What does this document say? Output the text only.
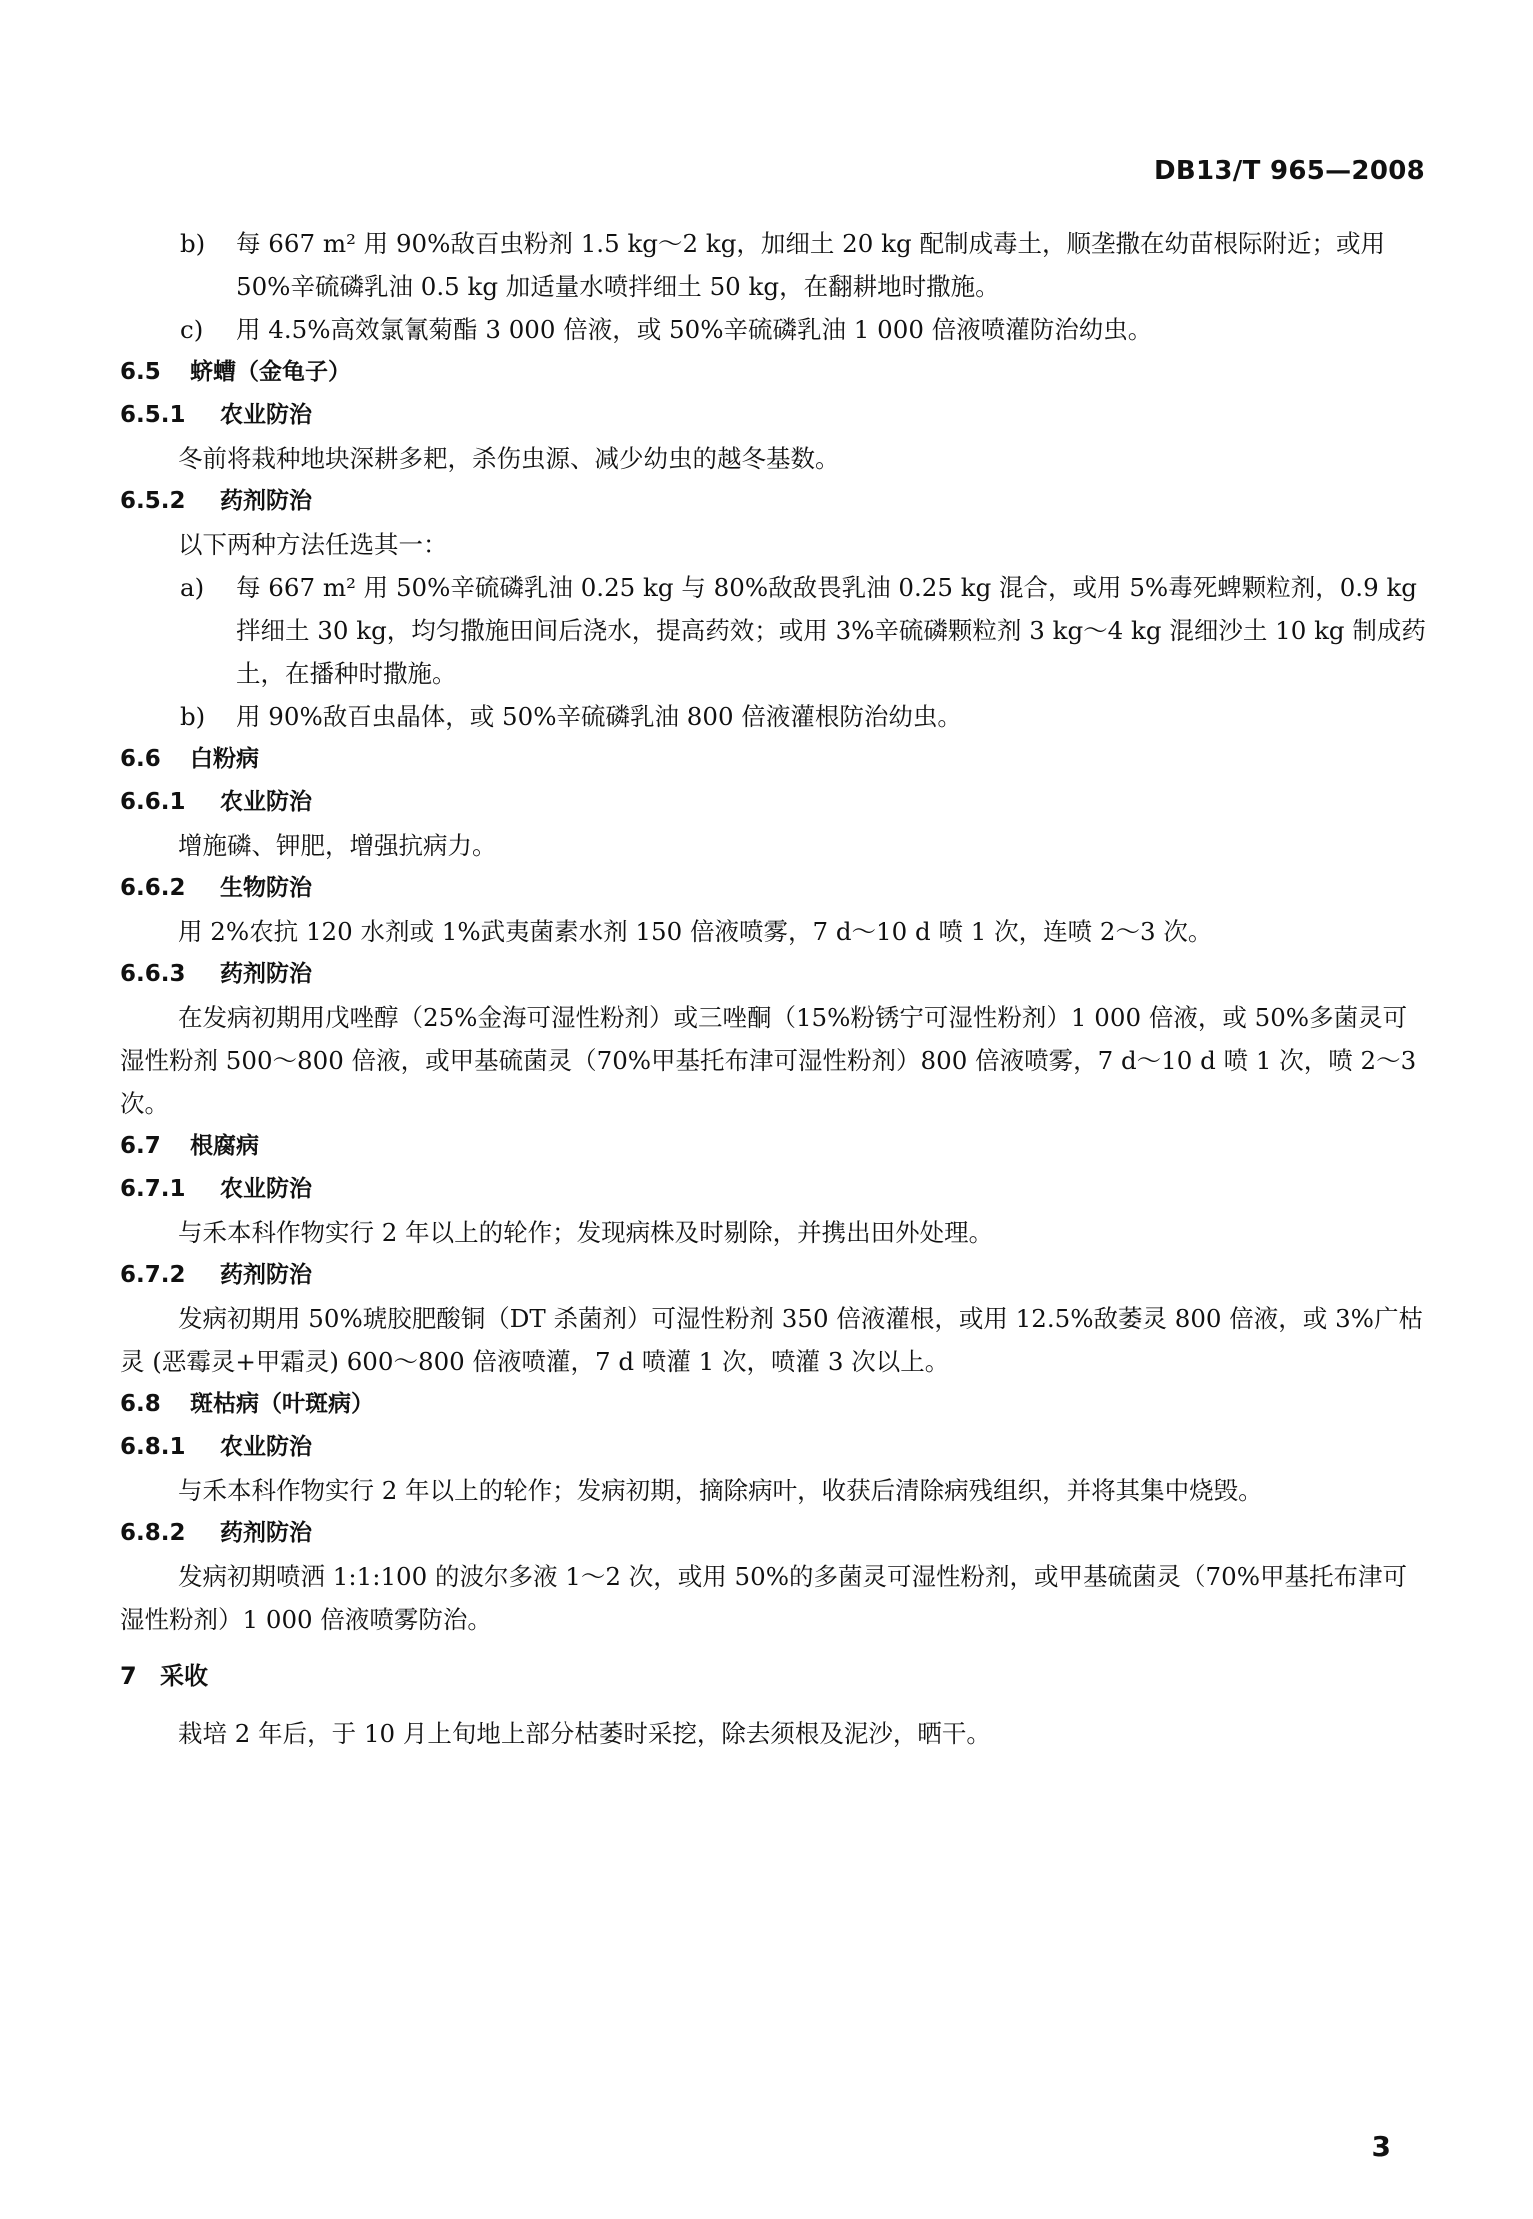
DB13/T 965—2008
b)	每 667 m² 用 90%敌百虫粉剂 1.5 kg～2 kg，加细土 20 kg 配制成毒土，顺垄撒在幼苗根际附近；或用 50%辛硫磷乳油 0.5 kg 加适量水喷拌细土 50 kg，在翻耕地时撒施。
c)	用 4.5%高效氯氰菊酯 3 000 倍液，或 50%辛硫磷乳油 1 000 倍液喷灌防治幼虫。
6.5 蛴螬（金龟子）
6.5.1 农业防治

冬前将栽种地块深耕多耙，杀伤虫源、减少幼虫的越冬基数。

6.5.2 药剂防治

以下两种方法任选其一：

a)	每 667 m² 用 50%辛硫磷乳油 0.25 kg 与 80%敌敌畏乳油 0.25 kg 混合，或用 5%毒死蜱颗粒剂，0.9 kg 拌细土 30 kg，均匀撒施田间后浇水，提高药效；或用 3%辛硫磷颗粒剂 3 kg～4 kg 混细沙土 10 kg 制成药土，在播种时撒施。
b)	用 90%敌百虫晶体，或 50%辛硫磷乳油 800 倍液灌根防治幼虫。
6.6 白粉病
6.6.1 农业防治

增施磷、钾肥，增强抗病力。

6.6.2 生物防治

用 2%农抗 120 水剂或 1%武夷菌素水剂 150 倍液喷雾，7 d～10 d 喷 1 次，连喷 2～3 次。

6.6.3 药剂防治

在发病初期用戊唑醇（25%金海可湿性粉剂）或三唑酮（15%粉锈宁可湿性粉剂）1 000 倍液，或 50%多菌灵可湿性粉剂 500～800 倍液，或甲基硫菌灵（70%甲基托布津可湿性粉剂）800 倍液喷雾，7 d～10 d 喷 1 次，喷 2～3 次。

6.7 根腐病
6.7.1 农业防治

与禾本科作物实行 2 年以上的轮作；发现病株及时剔除，并携出田外处理。

6.7.2 药剂防治

发病初期用 50%琥胶肥酸铜（DT 杀菌剂）可湿性粉剂 350 倍液灌根，或用 12.5%敌萎灵 800 倍液，或 3%广枯灵 (恶霉灵+甲霜灵) 600～800 倍液喷灌，7 d 喷灌 1 次，喷灌 3 次以上。

6.8 斑枯病（叶斑病）
6.8.1 农业防治

与禾本科作物实行 2 年以上的轮作；发病初期，摘除病叶，收获后清除病残组织，并将其集中烧毁。

6.8.2 药剂防治

发病初期喷洒 1:1:100 的波尔多液 1～2 次，或用 50%的多菌灵可湿性粉剂，或甲基硫菌灵（70%甲基托布津可湿性粉剂）1 000 倍液喷雾防治。

7 采收

栽培 2 年后，于 10 月上旬地上部分枯萎时采挖，除去须根及泥沙，晒干。

3
